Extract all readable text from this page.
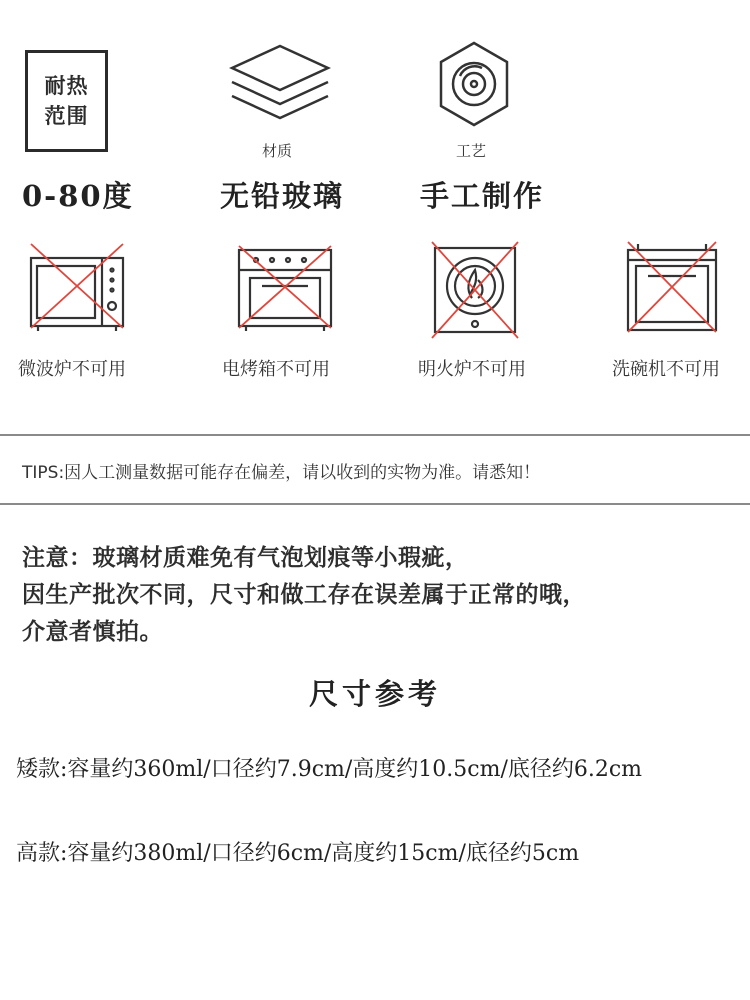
耐热
范围
材质	工艺
0-80度	无铅玻璃	手工制作
微波炉不可用	电烤箱不可用	明火炉不可用	洗碗机不可用
TIPS:因人工测量数据可能存在偏差，请以收到的实物为准。请悉知！
注意：玻璃材质难免有气泡划痕等小瑕疵，
因生产批次不同，尺寸和做工存在误差属于正常的哦，
介意者慎拍。
尺寸参考
矮款:容量约360ml/口径约7.9cm/高度约10.5cm/底径约6.2cm
高款:容量约380ml/口径约6cm/高度约15cm/底径约5cm
